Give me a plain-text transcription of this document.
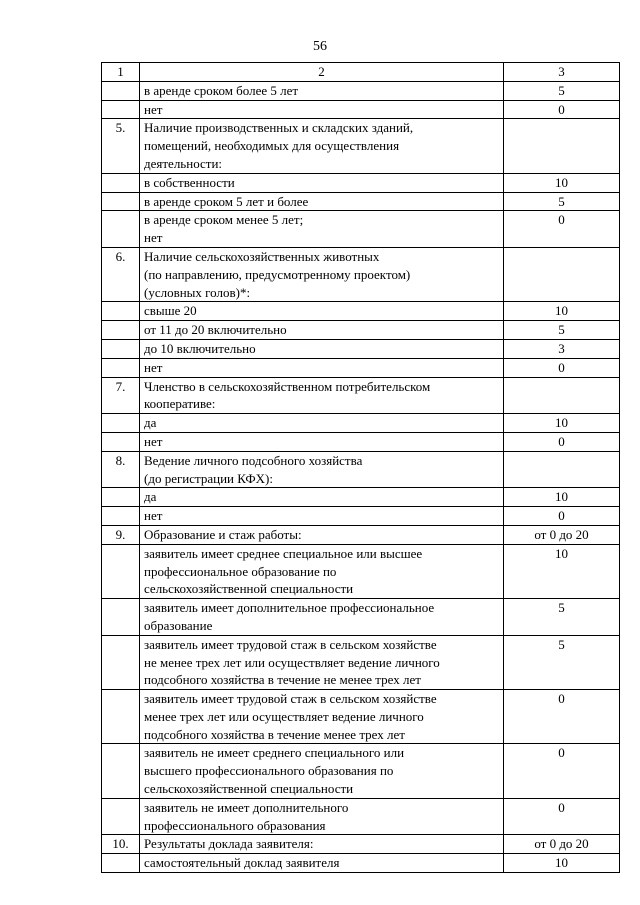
56
1	2	3
	в аренде сроком более 5 лет	5
	нет	0
5.	Наличие производственных и складских зданий,
помещений, необходимых для осуществления
деятельности:	
	в собственности	10
	в аренде сроком 5 лет и более	5
	в аренде сроком менее 5 лет;
нет	0
6.	Наличие сельскохозяйственных животных
(по направлению, предусмотренному проектом)
(условных голов)*:	
	свыше 20	10
	от 11 до 20 включительно	5
	до 10 включительно	3
	нет	0
7.	Членство в сельскохозяйственном потребительском
кооперативе:	
	да	10
	нет	0
8.	Ведение личного подсобного хозяйства
(до регистрации КФХ):	
	да	10
	нет	0
9.	Образование и стаж работы:	от 0 до 20
	заявитель имеет среднее специальное или высшее
профессиональное образование по
сельскохозяйственной специальности	10
	заявитель имеет дополнительное профессиональное
образование	5
	заявитель имеет трудовой стаж в сельском хозяйстве
не менее трех лет или осуществляет ведение личного
подсобного хозяйства в течение не менее трех лет	5
	заявитель имеет трудовой стаж в сельском хозяйстве
менее трех лет или осуществляет ведение личного
подсобного хозяйства в течение менее трех лет	0
	заявитель не имеет среднего специального или
высшего профессионального образования по
сельскохозяйственной специальности	0
	заявитель не имеет дополнительного
профессионального образования	0
10.	Результаты доклада заявителя:	от 0 до 20
	самостоятельный доклад заявителя	10
